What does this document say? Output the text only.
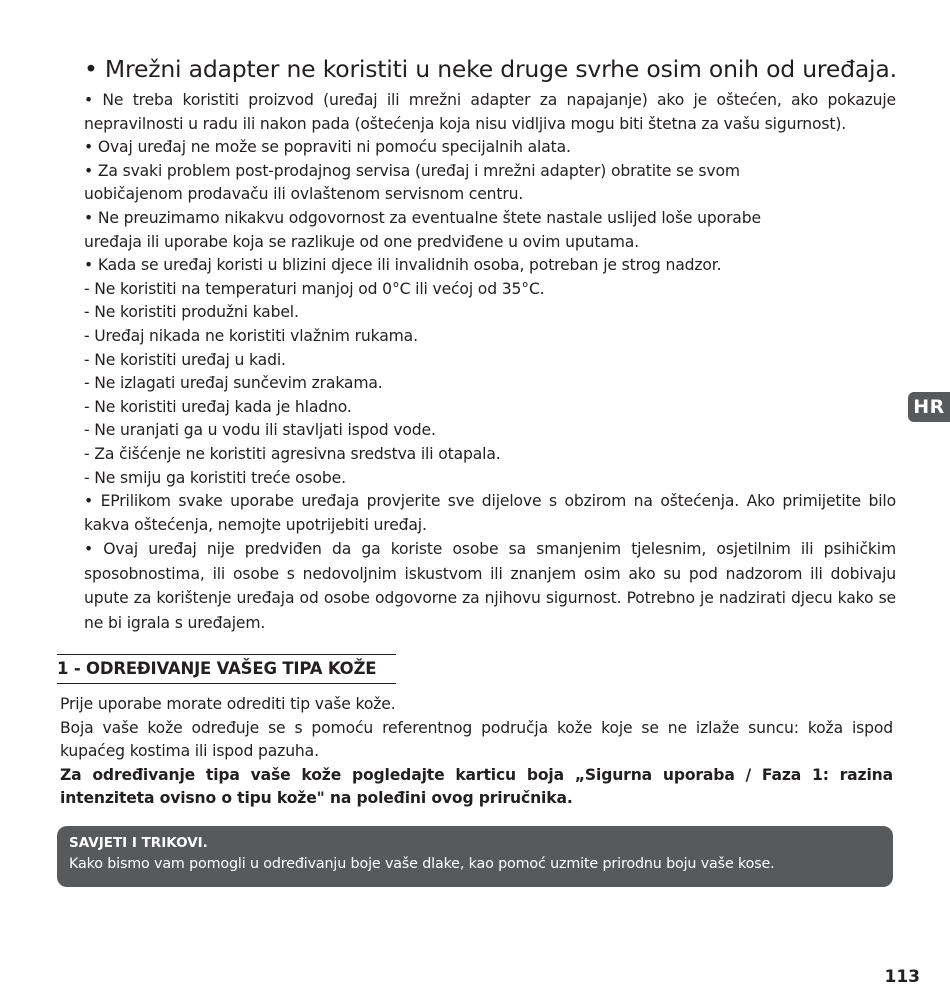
• Mrežni adapter ne koristiti u neke druge svrhe osim onih od uređaja.

• Ne treba koristiti proizvod (uređaj ili mrežni adapter za napajanje) ako je oštećen, ako pokazuje nepravilnosti u radu ili nakon pada (oštećenja koja nisu vidljiva mogu biti štetna za vašu sigurnost).

• Ovaj uređaj ne može se popraviti ni pomoću specijalnih alata.

• Za svaki problem post-prodajnog servisa (uređaj i mrežni adapter) obratite se svom

uobičajenom prodavaču ili ovlaštenom servisnom centru.

• Ne preuzimamo nikakvu odgovornost za eventualne štete nastale uslijed loše uporabe

uređaja ili uporabe koja se razlikuje od one predviđene u ovim uputama.

• Kada se uređaj koristi u blizini djece ili invalidnih osoba, potreban je strog nadzor.

- Ne koristiti na temperaturi manjoj od 0°C ili većoj od 35°C.

- Ne koristiti produžni kabel.

- Uređaj nikada ne koristiti vlažnim rukama.

- Ne koristiti uređaj u kadi.

- Ne izlagati uređaj sunčevim zrakama.

- Ne koristiti uređaj kada je hladno.

- Ne uranjati ga u vodu ili stavljati ispod vode.

- Za čišćenje ne koristiti agresivna sredstva ili otapala.

- Ne smiju ga koristiti treće osobe.

• EPrilikom svake uporabe uređaja provjerite sve dijelove s obzirom na oštećenja. Ako primijetite bilo kakva oštećenja, nemojte upotrijebiti uređaj.

• Ovaj uređaj nije predviđen da ga koriste osobe sa smanjenim tjelesnim, osjetilnim ili psihičkim sposobnostima, ili osobe s nedovoljnim iskustvom ili znanjem osim ako su pod nadzorom ili dobivaju upute za korištenje uređaja od osobe odgovorne za njihovu sigurnost. Potrebno je nadzirati djecu kako se ne bi igrala s uređajem.

HR
1 - ODREĐIVANJE VAŠEG TIPA KOŽE

Prije uporabe morate odrediti tip vaše kože.

Boja vaše kože određuje se s pomoću referentnog područja kože koje se ne izlaže suncu: koža ispod kupaćeg kostima ili ispod pazuha.

Za određivanje tipa vaše kože pogledajte karticu boja „Sigurna uporaba / Faza 1: razina intenziteta ovisno o tipu kože" na poleđini ovog priručnika.

SAVJETI I TRIKOVI.
Kako bismo vam pomogli u određivanju boje vaše dlake, kao pomoć uzmite prirodnu boju vaše kose.
113
